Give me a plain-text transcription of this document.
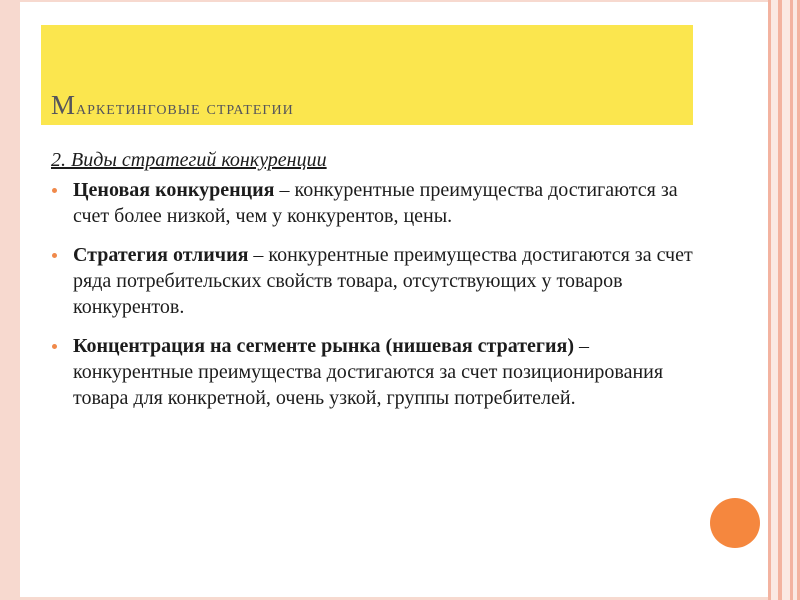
Маркетинговые стратегии
2. Виды стратегий конкуренции
Ценовая конкуренция – конкурентные преимущества достигаются за счет более низкой, чем у конкурентов, цены.
Стратегия отличия – конкурентные преимущества достигаются за счет ряда потребительских свойств товара, отсутствующих у товаров конкурентов.
Концентрация на сегменте рынка (нишевая стратегия) – конкурентные преимущества достигаются за счет позиционирования товара для конкретной, очень узкой, группы потребителей.
